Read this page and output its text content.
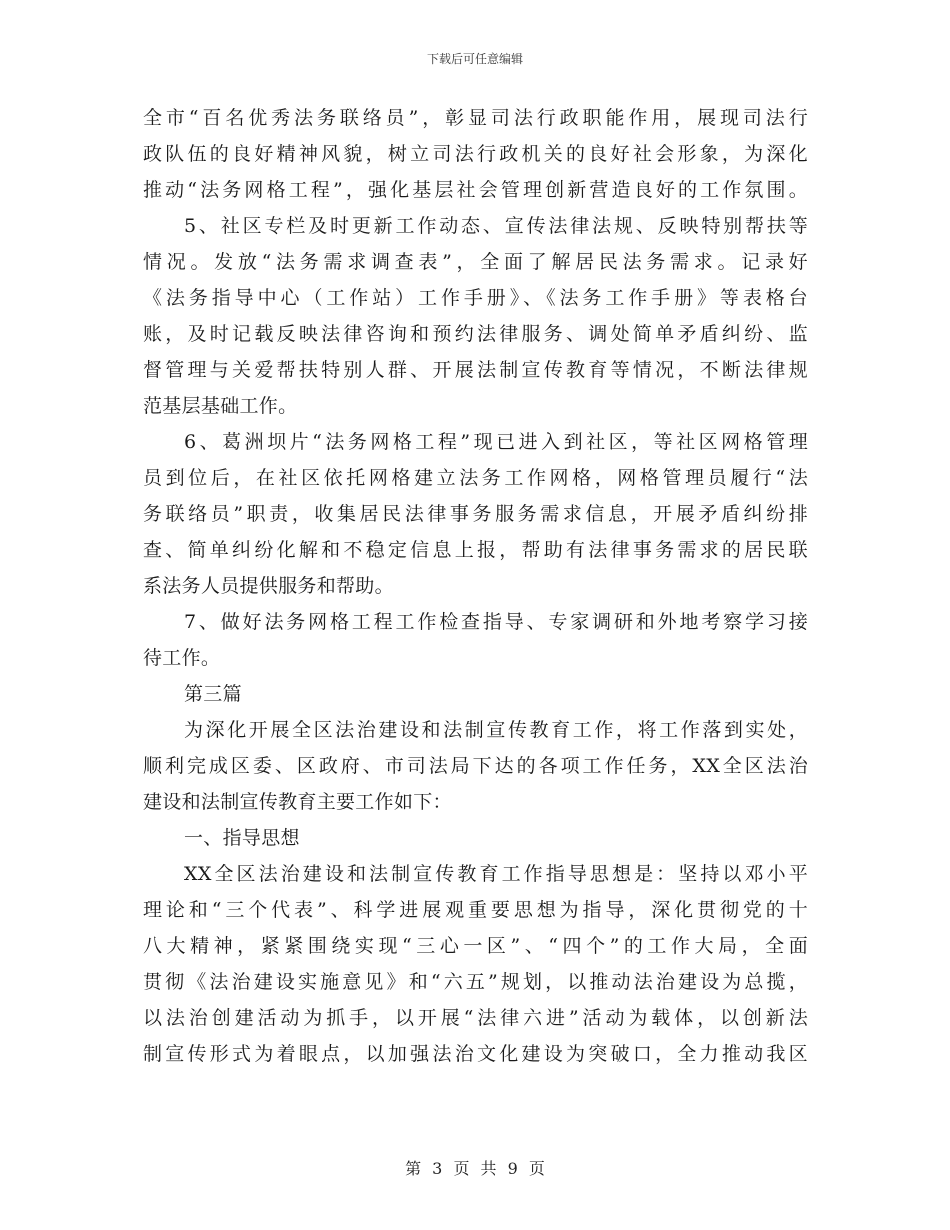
下载后可任意编辑
全市“百名优秀法务联络员”，彰显司法行政职能作用，展现司法行
政队伍的良好精神风貌，树立司法行政机关的良好社会形象，为深化
推动“法务网格工程”，强化基层社会管理创新营造良好的工作氛围。
5、社区专栏及时更新工作动态、宣传法律法规、反映特别帮扶等
情况。发放“法务需求调查表”，全面了解居民法务需求。记录好
《法务指导中心（工作站）工作手册》、《法务工作手册》等表格台
账，及时记载反映法律咨询和预约法律服务、调处简单矛盾纠纷、监
督管理与关爱帮扶特别人群、开展法制宣传教育等情况，不断法律规
范基层基础工作。
6、葛洲坝片“法务网格工程”现已进入到社区，等社区网格管理
员到位后，在社区依托网格建立法务工作网格，网格管理员履行“法
务联络员”职责，收集居民法律事务服务需求信息，开展矛盾纠纷排
查、简单纠纷化解和不稳定信息上报，帮助有法律事务需求的居民联
系法务人员提供服务和帮助。
7、做好法务网格工程工作检查指导、专家调研和外地考察学习接
待工作。
第三篇
为深化开展全区法治建设和法制宣传教育工作，将工作落到实处，
顺利完成区委、区政府、市司法局下达的各项工作任务，XX全区法治
建设和法制宣传教育主要工作如下：
一、指导思想
XX全区法治建设和法制宣传教育工作指导思想是：坚持以邓小平
理论和“三个代表”、科学进展观重要思想为指导，深化贯彻党的十
八大精神，紧紧围绕实现“三心一区”、“四个”的工作大局，全面
贯彻《法治建设实施意见》和“六五”规划，以推动法治建设为总揽，
以法治创建活动为抓手，以开展“法律六进”活动为载体，以创新法
制宣传形式为着眼点，以加强法治文化建设为突破口，全力推动我区
第 3 页 共 9 页
